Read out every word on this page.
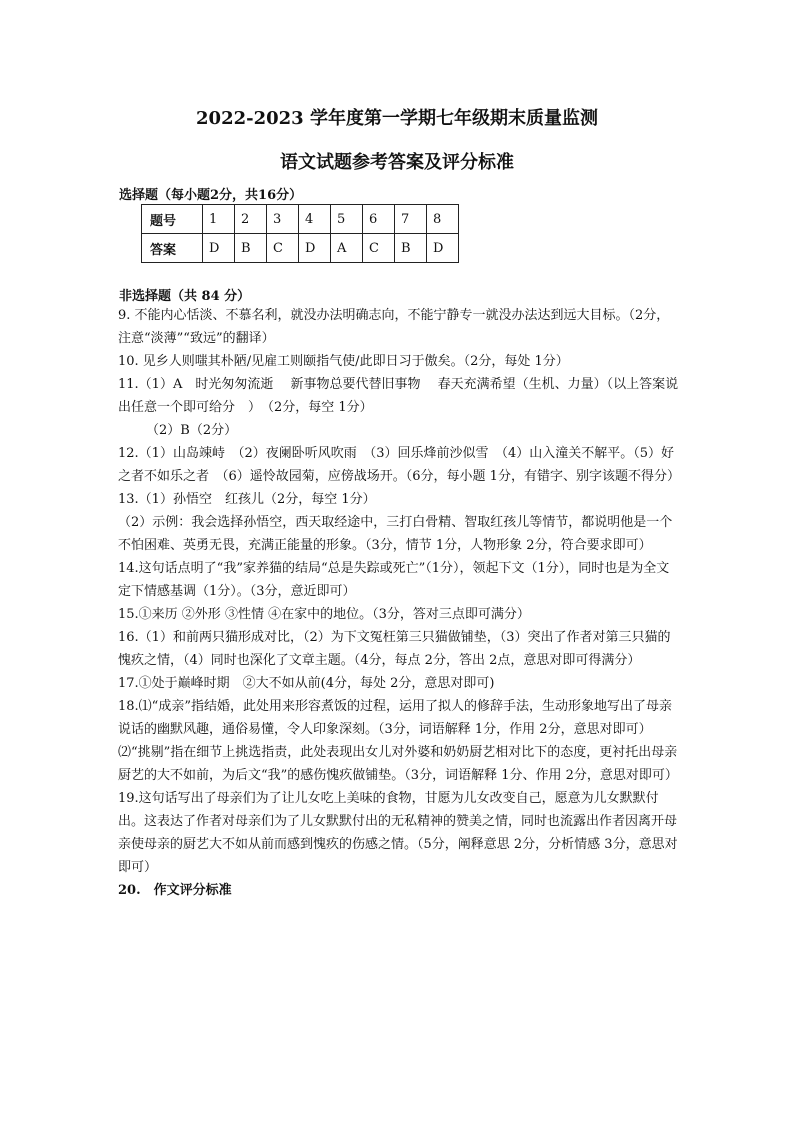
2022-2023 学年度第一学期七年级期末质量监测
语文试题参考答案及评分标准
选择题（每小题2分，共16分）
题号	1	2	3	4	5	6	7	8
答案	D	B	C	D	A	C	B	D
非选择题（共 84 分）

9. 不能内心恬淡、不慕名利，就没办法明确志向，不能宁静专一就没办法达到远大目标。（2分，注意“淡薄”“致远”的翻译）

10. 见乡人则嗤其朴陋/见雇工则颐指气使/此即日习于傲矣。（2分，每处 1分）

11.（1）A　时光匆匆流逝　 新事物总要代替旧事物　 春天充满希望（生机、力量）（以上答案说出任意一个即可给分　）　（2分，每空 1分）

（2）B（2分）

12.（1）山岛竦峙　（2）夜阑卧听风吹雨　（3）回乐烽前沙似雪　（4）山入潼关不解平。（5）好之者不如乐之者　（6）遥怜故园菊，应傍战场开。（6分，每小题 1分，有错字、别字该题不得分）

13.（1）孙悟空　红孩儿（2分，每空 1分）

（2）示例：我会选择孙悟空，西天取经途中，三打白骨精、智取红孩儿等情节，都说明他是一个不怕困难、英勇无畏，充满正能量的形象。（3分，情节 1分，人物形象 2分，符合要求即可）

14.这句话点明了“我”家养猫的结局“总是失踪或死亡”（1分），领起下文（1分），同时也是为全文定下情感基调（1分）。（3分，意近即可）

15.①来历 ②外形 ③性情 ④在家中的地位。（3分，答对三点即可满分）

16.（1）和前两只猫形成对比，（2）为下文冤枉第三只猫做铺垫，（3）突出了作者对第三只猫的愧疚之情，（4）同时也深化了文章主题。（4分，每点 2分，答出 2点，意思对即可得满分）

17.①处于巅峰时期　②大不如从前(4分，每处 2分，意思对即可)

18.⑴“成亲”指结婚，此处用来形容煮饭的过程，运用了拟人的修辞手法，生动形象地写出了母亲说话的幽默风趣，通俗易懂，令人印象深刻。（3分，词语解释 1分，作用 2分，意思对即可）

⑵“挑剔”指在细节上挑选指责，此处表现出女儿对外婆和奶奶厨艺相对比下的态度，更衬托出母亲厨艺的大不如前，为后文“我”的感伤愧疚做铺垫。（3分，词语解释 1分、作用 2分，意思对即可）

19.这句话写出了母亲们为了让儿女吃上美味的食物，甘愿为儿女改变自己，愿意为儿女默默付出。这表达了作者对母亲们为了儿女默默付出的无私精神的赞美之情，同时也流露出作者因离开母亲使母亲的厨艺大不如从前而感到愧疚的伤感之情。（5分，阐释意思 2分，分析情感 3分，意思对即可）

20.　作文评分标准
